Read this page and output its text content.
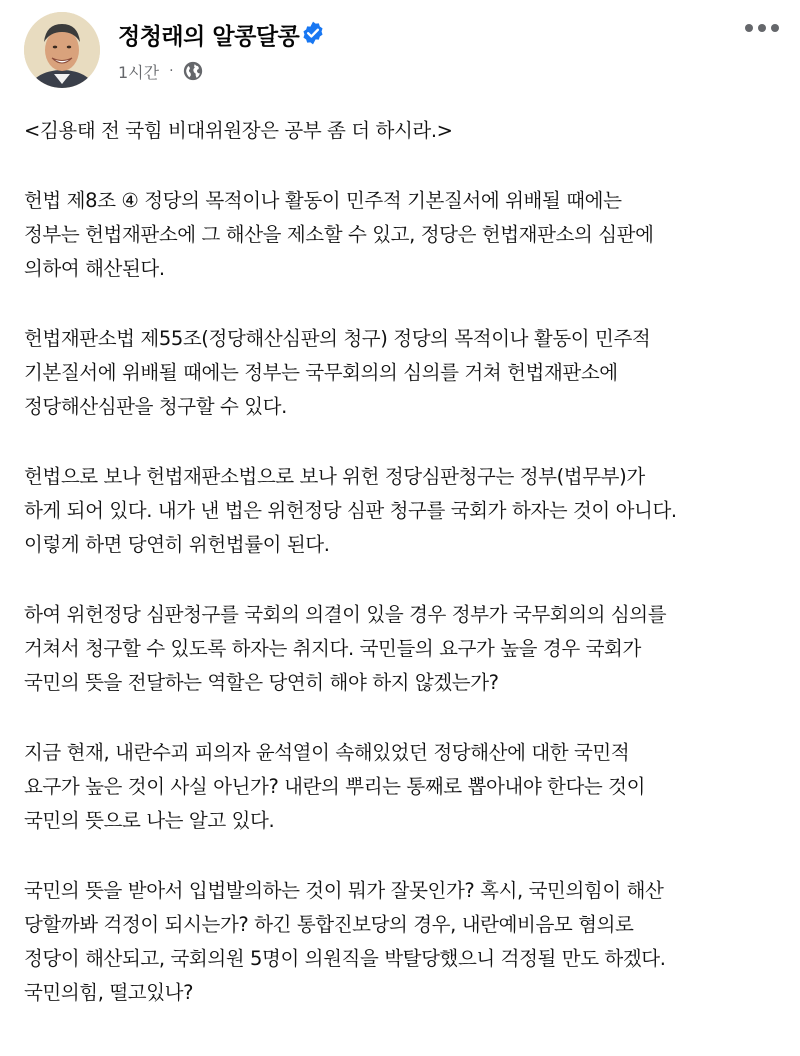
정청래의 알콩달콩
1시간 ·
<김용태 전 국힘 비대위원장은 공부 좀 더 하시라.>
헌법 제8조 ④ 정당의 목적이나 활동이 민주적 기본질서에 위배될 때에는
정부는 헌법재판소에 그 해산을 제소할 수 있고, 정당은 헌법재판소의 심판에
의하여 해산된다.
헌법재판소법 제55조(정당해산심판의 청구) 정당의 목적이나 활동이 민주적
기본질서에 위배될 때에는 정부는 국무회의의 심의를 거쳐 헌법재판소에
정당해산심판을 청구할 수 있다.
헌법으로 보나 헌법재판소법으로 보나 위헌 정당심판청구는 정부(법무부)가
하게 되어 있다. 내가 낸 법은 위헌정당 심판 청구를 국회가 하자는 것이 아니다.
이렇게 하면 당연히 위헌법률이 된다.
하여 위헌정당 심판청구를 국회의 의결이 있을 경우 정부가 국무회의의 심의를
거쳐서 청구할 수 있도록 하자는 취지다. 국민들의 요구가 높을 경우 국회가
국민의 뜻을 전달하는 역할은 당연히 해야 하지 않겠는가?
지금 현재, 내란수괴 피의자 윤석열이 속해있었던 정당해산에 대한 국민적
요구가 높은 것이 사실 아닌가? 내란의 뿌리는 통째로 뽑아내야 한다는 것이
국민의 뜻으로 나는 알고 있다.
국민의 뜻을 받아서 입법발의하는 것이 뭐가 잘못인가? 혹시, 국민의힘이 해산
당할까봐 걱정이 되시는가? 하긴 통합진보당의 경우, 내란예비음모 혐의로
정당이 해산되고, 국회의원 5명이 의원직을 박탈당했으니 걱정될 만도 하겠다.
국민의힘, 떨고있나?
